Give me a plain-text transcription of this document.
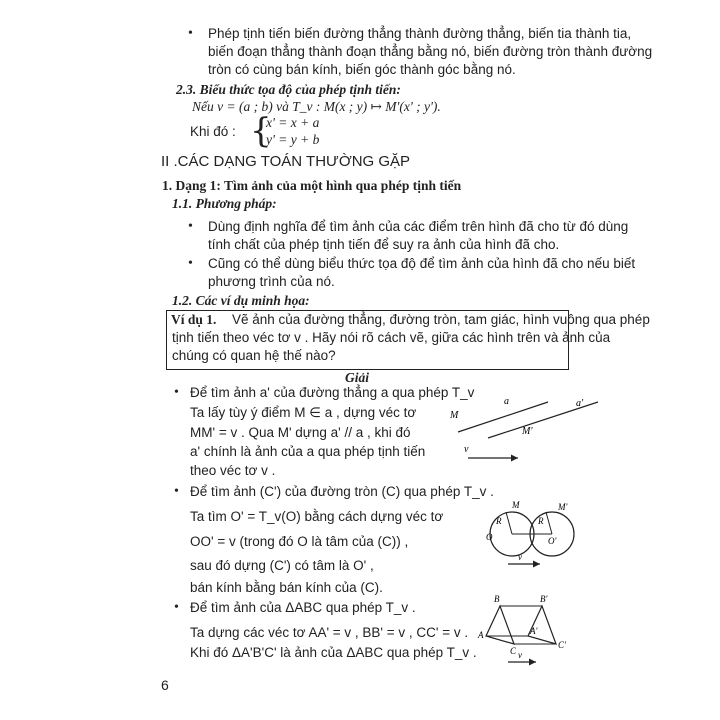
• Phép tịnh tiến biến đường thẳng thành đường thẳng, biến tia thành tia,
biến đoạn thẳng thành đoạn thẳng bằng nó, biến đường tròn thành đường
tròn có cùng bán kính, biến góc thành góc bằng nó.
2.3. Biểu thức tọa độ của phép tịnh tiến:
Nếu v = (a ; b) và T_v : M(x ; y) ↦ M'(x' ; y').
Khi đó : {
x' = x + a
y' = y + b
II .CÁC DẠNG TOÁN THƯỜNG GẶP
1. Dạng 1: Tìm ảnh của một hình qua phép tịnh tiến
1.1. Phương pháp:
• Dùng định nghĩa để tìm ảnh của các điểm trên hình đã cho từ đó dùng
tính chất của phép tịnh tiến để suy ra ảnh của hình đã cho.
• Cũng có thể dùng biểu thức tọa độ để tìm ảnh của hình đã cho nếu biết
phương trình của nó.
1.2. Các ví dụ minh họa:
Ví dụ 1. Vẽ ảnh của đường thẳng, đường tròn, tam giác, hình vuông qua phép
tịnh tiến theo véc tơ v . Hãy nói rõ cách vẽ, giữa các hình trên và ảnh của
chúng có quan hệ thế nào?
Giải
• Để tìm ảnh a' của đường thẳng a qua phép T_v
Ta lấy tùy ý điểm M ∈ a , dựng véc tơ
MM' = v . Qua M' dựng a' // a , khi đó
a' chính là ảnh của a qua phép tịnh tiến
theo véc tơ v .
• Để tìm ảnh (C') của đường tròn (C) qua phép T_v .
Ta tìm O' = T_v(O) bằng cách dựng véc tơ
OO' = v (trong đó O là tâm của (C)) ,
sau đó dựng (C') có tâm là O' ,
bán kính bằng bán kính của (C).
• Để tìm ảnh của ΔABC qua phép T_v .
Ta dựng các véc tơ AA' = v , BB' = v , CC' = v .
Khi đó ΔA'B'C' là ảnh của ΔABC qua phép T_v .
a	a'
M
M'
v
M	M'
R	R
O	O'
v
B	B'
A	A'
C
C'
v
6
